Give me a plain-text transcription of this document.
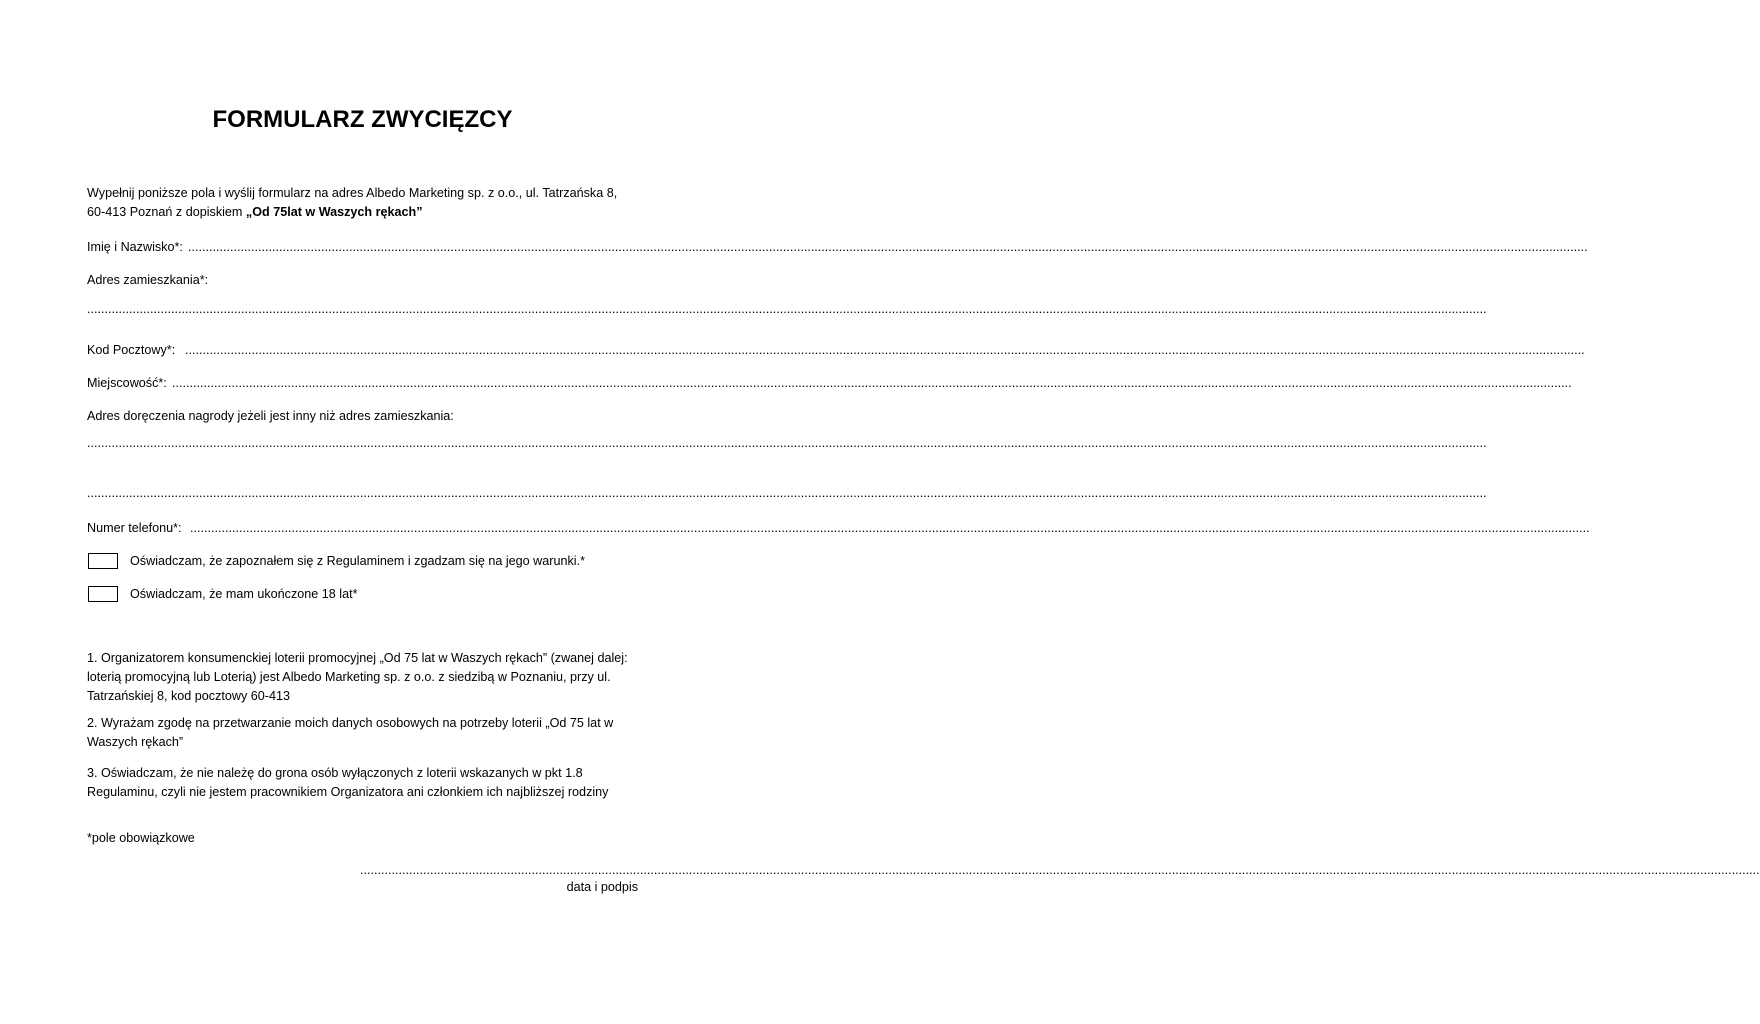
FORMULARZ ZWYCIĘZCY
Wypełnij poniższe pola i wyślij formularz na adres Albedo Marketing sp. z o.o., ul. Tatrzańska 8,
60-413 Poznań z dopiskiem „Od 75lat w Waszych rękach”
Imię i Nazwisko*: ................................................................................................................................................................................................................................................................................................................................................................................................................
Adres zamieszkania*:
................................................................................................................................................................................................................................................................................................................................................................................................................
Kod Pocztowy*: ................................................................................................................................................................................................................................................................................................................................................................................................................
Miejscowość*: ................................................................................................................................................................................................................................................................................................................................................................................................................
Adres doręczenia nagrody jeżeli jest inny niż adres zamieszkania:
................................................................................................................................................................................................................................................................................................................................................................................................................
................................................................................................................................................................................................................................................................................................................................................................................................................
Numer telefonu*: ................................................................................................................................................................................................................................................................................................................................................................................................................
Oświadczam, że zapoznałem się z Regulaminem i zgadzam się na jego warunki.*
Oświadczam, że mam ukończone 18 lat*
1. Organizatorem konsumenckiej loterii promocyjnej „Od 75 lat w Waszych rękach” (zwanej dalej: loterią promocyjną lub Loterią) jest Albedo Marketing sp. z o.o. z siedzibą w Poznaniu, przy ul. Tatrzańskiej 8, kod pocztowy 60-413
2. Wyrażam zgodę na przetwarzanie moich danych osobowych na potrzeby loterii „Od 75 lat w Waszych rękach”
3. Oświadczam, że nie należę do grona osób wyłączonych z loterii wskazanych w pkt 1.8 Regulaminu, czyli nie jestem pracownikiem Organizatora ani członkiem ich najbliższej rodziny
*pole obowiązkowe
................................................................................................................................................................................................................................................................................................................................................................................................................
data i podpis
